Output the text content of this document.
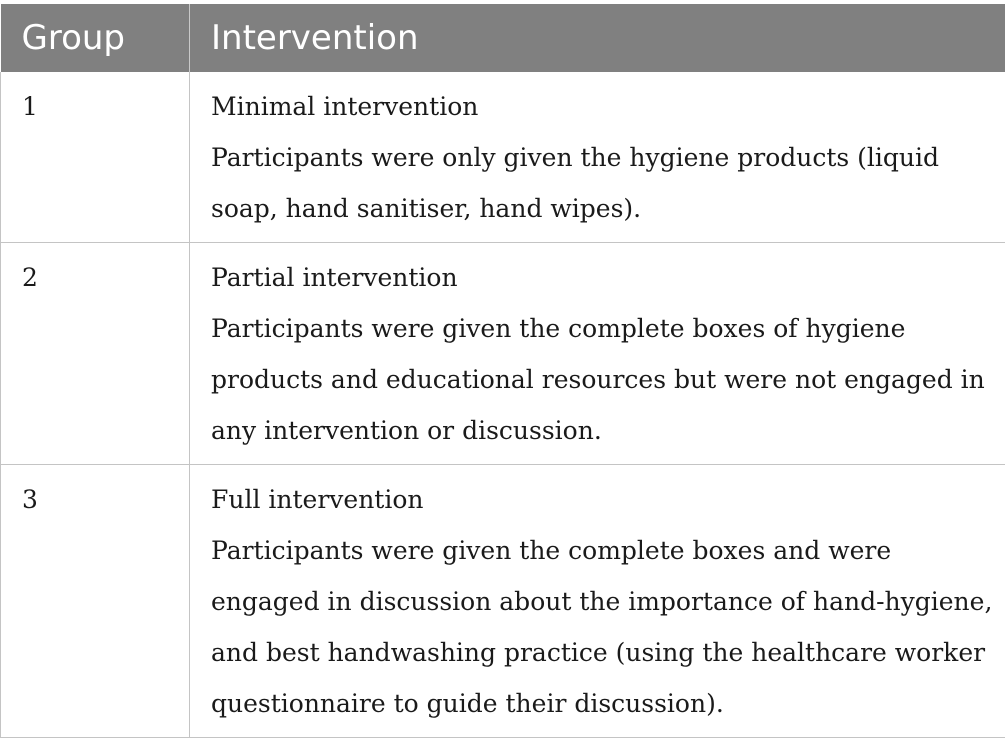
Group	Intervention
1	Minimal intervention
Participants were only given the hygiene products (liquid soap, hand sanitiser, hand wipes).

2	Partial intervention
Participants were given the complete boxes of hygiene products and educational resources but were not engaged in any intervention or discussion.

3	Full intervention
Participants were given the complete boxes and were engaged in discussion about the importance of hand-hygiene, and best handwashing practice (using the healthcare worker questionnaire to guide their discussion).
